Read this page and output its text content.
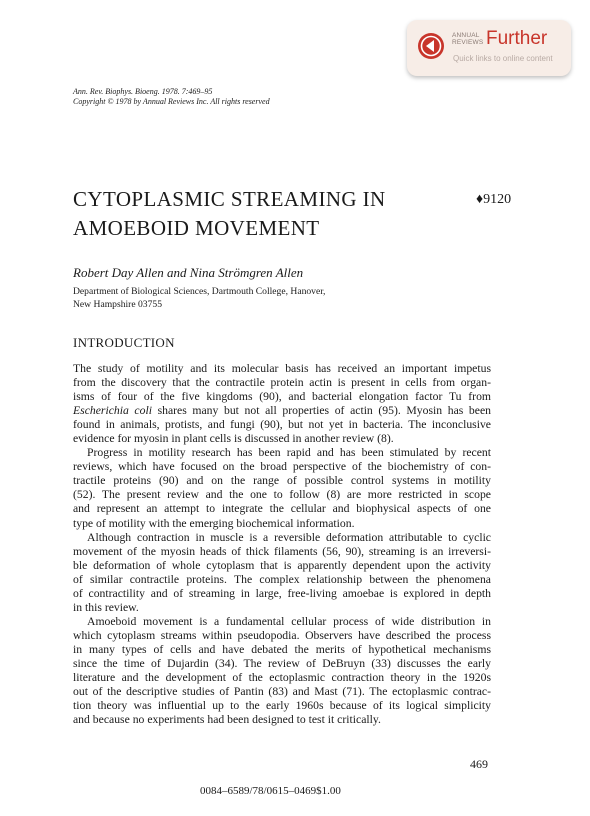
ANNUAL
REVIEWS Further
Quick links to online content
Ann. Rev. Biophys. Bioeng. 1978. 7:469–95
Copyright © 1978 by Annual Reviews Inc. All rights reserved
CYTOPLASMIC STREAMING IN
AMOEBOID MOVEMENT
♦9120
Robert Day Allen and Nina Strömgren Allen
Department of Biological Sciences, Dartmouth College, Hanover,
New Hampshire 03755
INTRODUCTION
The study of motility and its molecular basis has received an important impetus
from the discovery that the contractile protein actin is present in cells from organ-
isms of four of the five kingdoms (90), and bacterial elongation factor Tu from
Escherichia coli shares many but not all properties of actin (95). Myosin has been
found in animals, protists, and fungi (90), but not yet in bacteria. The inconclusive
evidence for myosin in plant cells is discussed in another review (8).
Progress in motility research has been rapid and has been stimulated by recent
reviews, which have focused on the broad perspective of the biochemistry of con-
tractile proteins (90) and on the range of possible control systems in motility
(52). The present review and the one to follow (8) are more restricted in scope
and represent an attempt to integrate the cellular and biophysical aspects of one
type of motility with the emerging biochemical information.
Although contraction in muscle is a reversible deformation attributable to cyclic
movement of the myosin heads of thick filaments (56, 90), streaming is an irreversi-
ble deformation of whole cytoplasm that is apparently dependent upon the activity
of similar contractile proteins. The complex relationship between the phenomena
of contractility and of streaming in large, free-living amoebae is explored in depth
in this review.
Amoeboid movement is a fundamental cellular process of wide distribution in
which cytoplasm streams within pseudopodia. Observers have described the process
in many types of cells and have debated the merits of hypothetical mechanisms
since the time of Dujardin (34). The review of DeBruyn (33) discusses the early
literature and the development of the ectoplasmic contraction theory in the 1920s
out of the descriptive studies of Pantin (83) and Mast (71). The ectoplasmic contrac-
tion theory was influential up to the early 1960s because of its logical simplicity
and because no experiments had been designed to test it critically.
469
0084–6589/78/0615–0469$1.00
